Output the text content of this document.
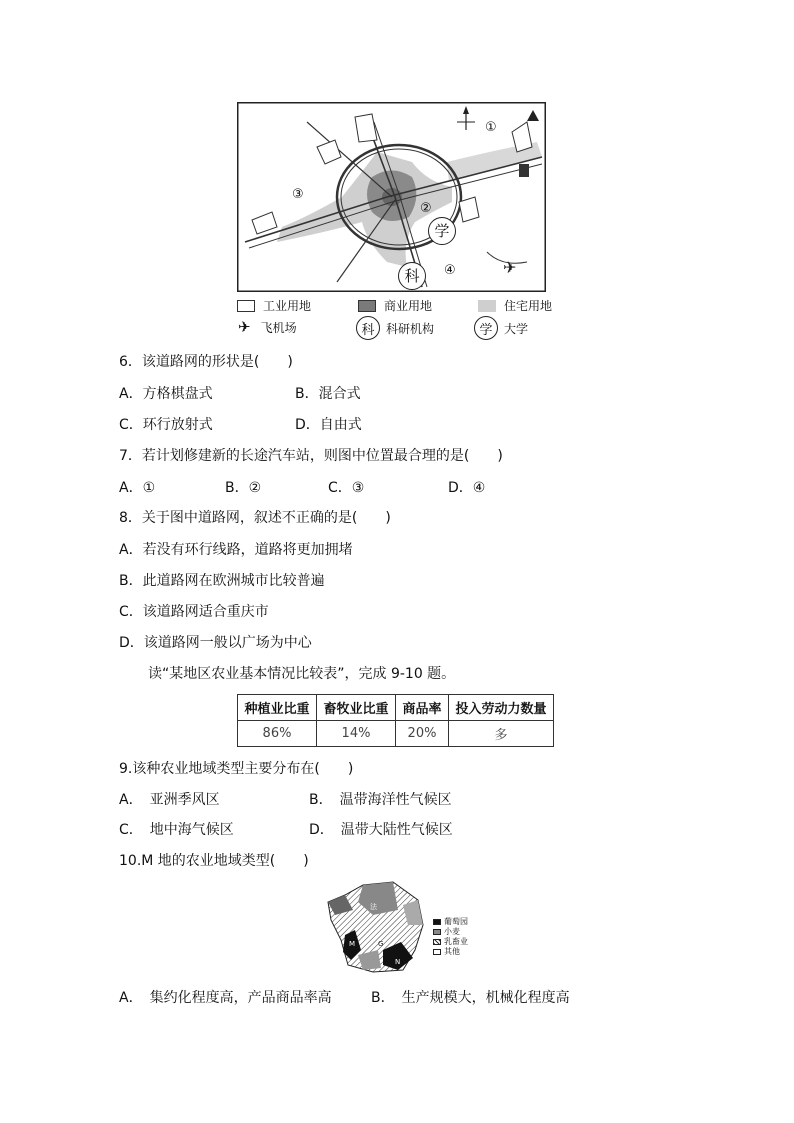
✈
①
②
③
④
学
科
工业用地	商业用地	住宅用地
✈ 飞机场	科 科研机构	学 大学
6．该道路网的形状是(　　)
A．方格棋盘式	B．混合式
C．环行放射式	D．自由式
7．若计划修建新的长途汽车站，则图中位置最合理的是(　　)
A．①	B．②	C．③	D．④
8．关于图中道路网，叙述不正确的是(　　)
A．若没有环行线路，道路将更加拥堵
B．此道路网在欧洲城市比较普遍
C．该道路网适合重庆市
D．该道路网一般以广场为中心
读“某地区农业基本情况比较表”，完成 9-10 题。
种植业比重	畜牧业比重	商品率	投入劳动力数量
86%	14%	20%	多
9.该种农业地域类型主要分布在(　　)
A．　亚洲季风区	B．　温带海洋性气候区
C．　地中海气候区	D．　温带大陆性气候区
10.M 地的农业地域类型(　　)
法
M
N
G
葡萄园
小麦
乳畜业
其他
A．　集约化程度高，产品商品率高	B．　生产规模大，机械化程度高
